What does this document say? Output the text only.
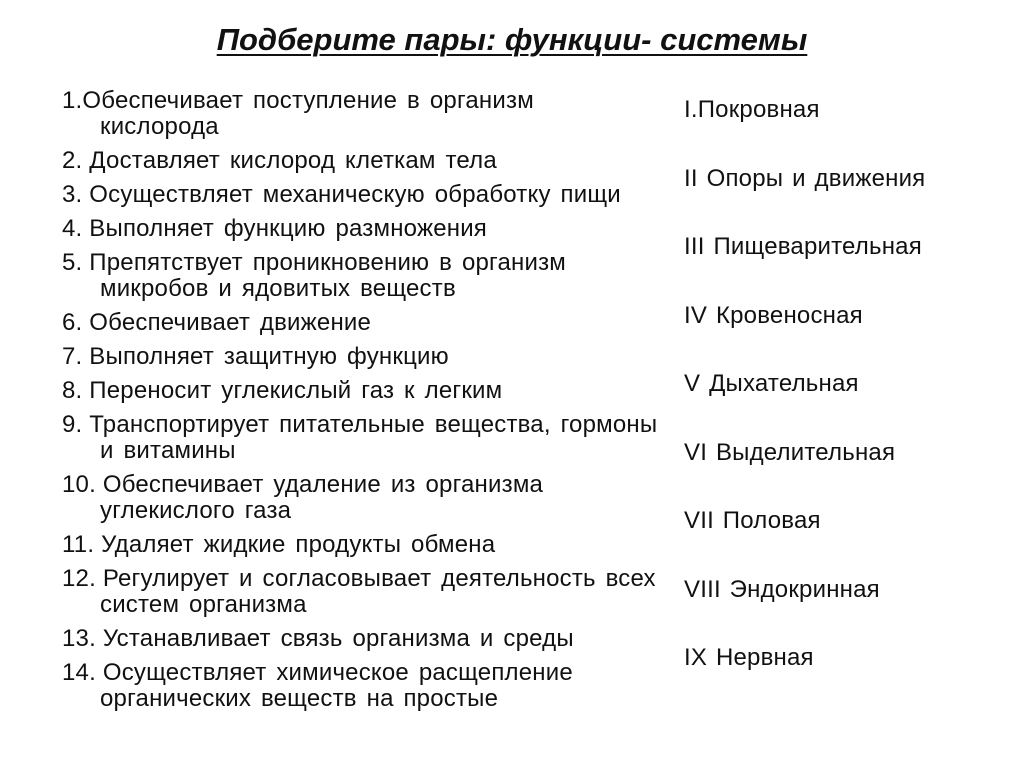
Подберите пары: функции- системы
1.Обеспечивает поступление в организм кислорода
2. Доставляет кислород клеткам тела
3. Осуществляет механическую обработку пищи
4. Выполняет функцию размножения
5. Препятствует проникновению в организм микробов и ядовитых веществ
6. Обеспечивает движение
7. Выполняет защитную функцию
8. Переносит углекислый газ к легким
9. Транспортирует питательные вещества, гормоны и витамины
10. Обеспечивает удаление из организма углекислого газа
11. Удаляет жидкие продукты обмена
12. Регулирует и согласовывает деятельность всех систем организма
13. Устанавливает связь организма и среды
14. Осуществляет химическое расщепление органических веществ на простые
I.Покровная
II Опоры и движения
III Пищеварительная
IV Кровеносная
V Дыхательная
VI Выделительная
VII Половая
VIII Эндокринная
IX Нервная
